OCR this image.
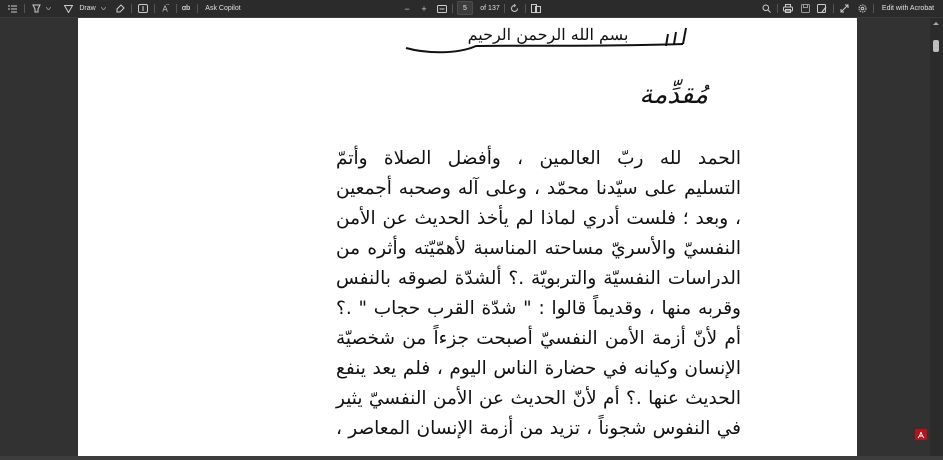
Draw	A ꭤb Ask Copilot	− +	5	of 137	Edit with Acrobat
بسم الله الرحمن الرحيم
مُقدِّمة
الحمد لله ربّ العالمين ، وأفضل الصلاة وأتمّ
التسليم على سيّدنا محمّد ، وعلى آله وصحبه أجمعين
، وبعد ؛ فلست أدري لماذا لم يأخذ الحديث عن الأمن
النفسيّ والأسريّ مساحته المناسبة لأهمّيّته وأثره من
الدراسات النفسيّة والتربويّة .؟ ألشدّة لصوقه بالنفس
وقربه منها ، وقديماً قالوا : " شدّة القرب حجاب " .؟
أم لأنّ أزمة الأمن النفسيّ أصبحت جزءاً من شخصيّة
الإنسان وكيانه في حضارة الناس اليوم ، فلم يعد ينفع
الحديث عنها .؟ أم لأنّ الحديث عن الأمن النفسيّ يثير
في النفوس شجوناً ، تزيد من أزمة الإنسان المعاصر ،
